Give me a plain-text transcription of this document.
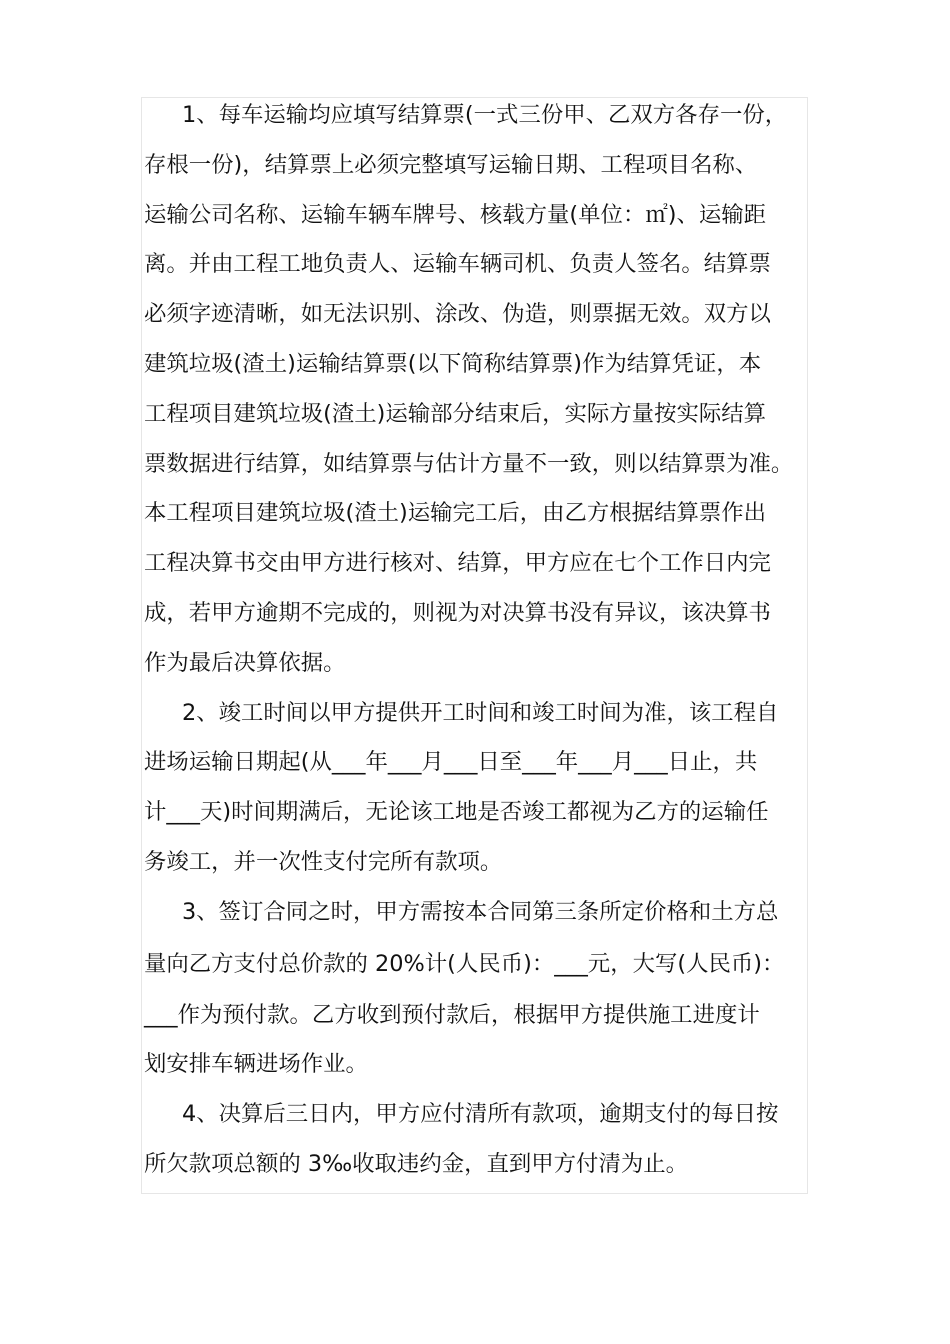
1、每车运输均应填写结算票(一式三份甲、乙双方各存一份，
存根一份)，结算票上必须完整填写运输日期、工程项目名称、
运输公司名称、运输车辆车牌号、核载方量(单位：㎡)、运输距
离。并由工程工地负责人、运输车辆司机、负责人签名。结算票
必须字迹清晰，如无法识别、涂改、伪造，则票据无效。双方以
建筑垃圾(渣土)运输结算票(以下简称结算票)作为结算凭证，本
工程项目建筑垃圾(渣土)运输部分结束后，实际方量按实际结算
票数据进行结算，如结算票与估计方量不一致，则以结算票为准。
本工程项目建筑垃圾(渣土)运输完工后，由乙方根据结算票作出
工程决算书交由甲方进行核对、结算，甲方应在七个工作日内完
成，若甲方逾期不完成的，则视为对决算书没有异议，该决算书
作为最后决算依据。
2、竣工时间以甲方提供开工时间和竣工时间为准，该工程自
进场运输日期起(从___年___月___日至___年___月___日止，共
计___天)时间期满后，无论该工地是否竣工都视为乙方的运输任
务竣工，并一次性支付完所有款项。
3、签订合同之时，甲方需按本合同第三条所定价格和土方总
量向乙方支付总价款的 20%计(人民币)：___元，大写(人民币)：
___作为预付款。乙方收到预付款后，根据甲方提供施工进度计
划安排车辆进场作业。
4、决算后三日内，甲方应付清所有款项，逾期支付的每日按
所欠款项总额的 3‰收取违约金，直到甲方付清为止。
